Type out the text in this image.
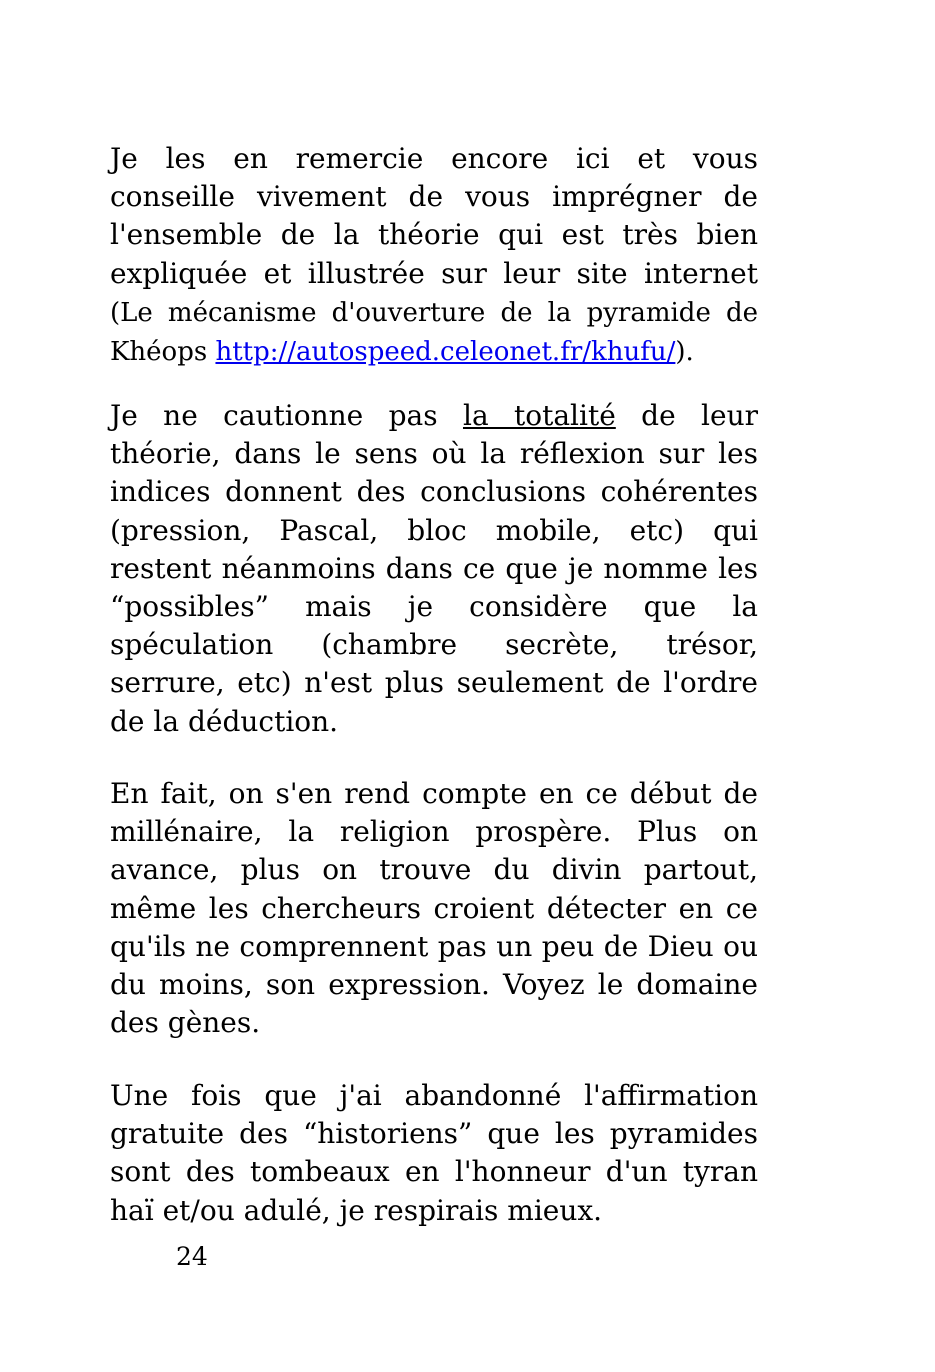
Je les en remercie encore ici et vous conseille vivement de vous imprégner de l'ensemble de la théorie qui est très bien expliquée et illustrée sur leur site internet (Le mécanisme d'ouverture de la pyramide de Khéops http://autospeed.celeonet.fr/khufu/).

Je ne cautionne pas la totalité de leur théorie, dans le sens où la réflexion sur les indices donnent des conclusions cohérentes (pression, Pascal, bloc mobile, etc) qui restent néanmoins dans ce que je nomme les “possibles” mais je considère que la spéculation (chambre secrète, trésor, serrure, etc) n'est plus seulement de l'ordre de la déduction.

En fait, on s'en rend compte en ce début de millénaire, la religion prospère. Plus on avance, plus on trouve du divin partout, même les chercheurs croient détecter en ce qu'ils ne comprennent pas un peu de Dieu ou du moins, son expression. Voyez le domaine des gènes.

Une fois que j'ai abandonné l'affirmation gratuite des “historiens” que les pyramides sont des tombeaux en l'honneur d'un tyran haï et/ou adulé, je respirais mieux.

24
